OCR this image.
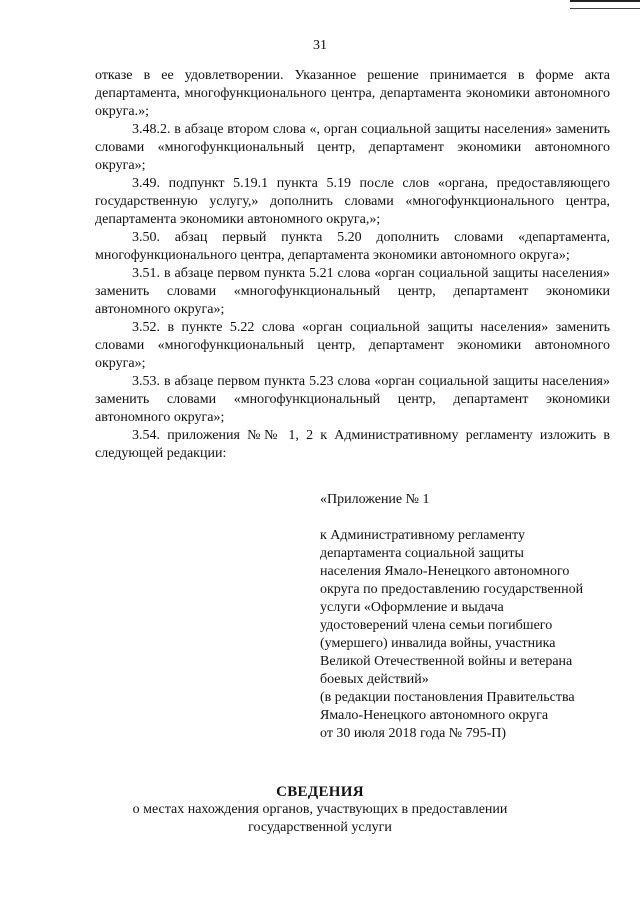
31

отказе в ее удовлетворении. Указанное решение принимается в форме акта департамента, многофункционального центра, департамента экономики автономного округа.»;

3.48.2. в абзаце втором слова «, орган социальной защиты населения» заменить словами «многофункциональный центр, департамент экономики автономного округа»;

3.49. подпункт 5.19.1 пункта 5.19 после слов «органа, предоставляющего государственную услугу,» дополнить словами «многофункционального центра, департамента экономики автономного округа,»;

3.50. абзац первый пункта 5.20 дополнить словами «департамента, многофункционального центра, департамента экономики автономного округа»;

3.51. в абзаце первом пункта 5.21 слова «орган социальной защиты населения» заменить словами «многофункциональный центр, департамент экономики автономного округа»;

3.52. в пункте 5.22 слова «орган социальной защиты населения» заменить словами «многофункциональный центр, департамент экономики автономного округа»;

3.53. в абзаце первом пункта 5.23 слова «орган социальной защиты населения» заменить словами «многофункциональный центр, департамент экономики автономного округа»;

3.54. приложения №№ 1, 2 к Административному регламенту изложить в следующей редакции:

«Приложение № 1

к Административному регламенту

департамента социальной защиты

населения Ямало-Ненецкого автономного

округа по предоставлению государственной

услуги «Оформление и выдача

удостоверений члена семьи погибшего

(умершего) инвалида войны, участника

Великой Отечественной войны и ветерана

боевых действий»

(в редакции постановления Правительства

Ямало-Ненецкого автономного округа

от 30 июля 2018 года № 795-П)

СВЕДЕНИЯ

о местах нахождения органов, участвующих в предоставлении

государственной услуги
